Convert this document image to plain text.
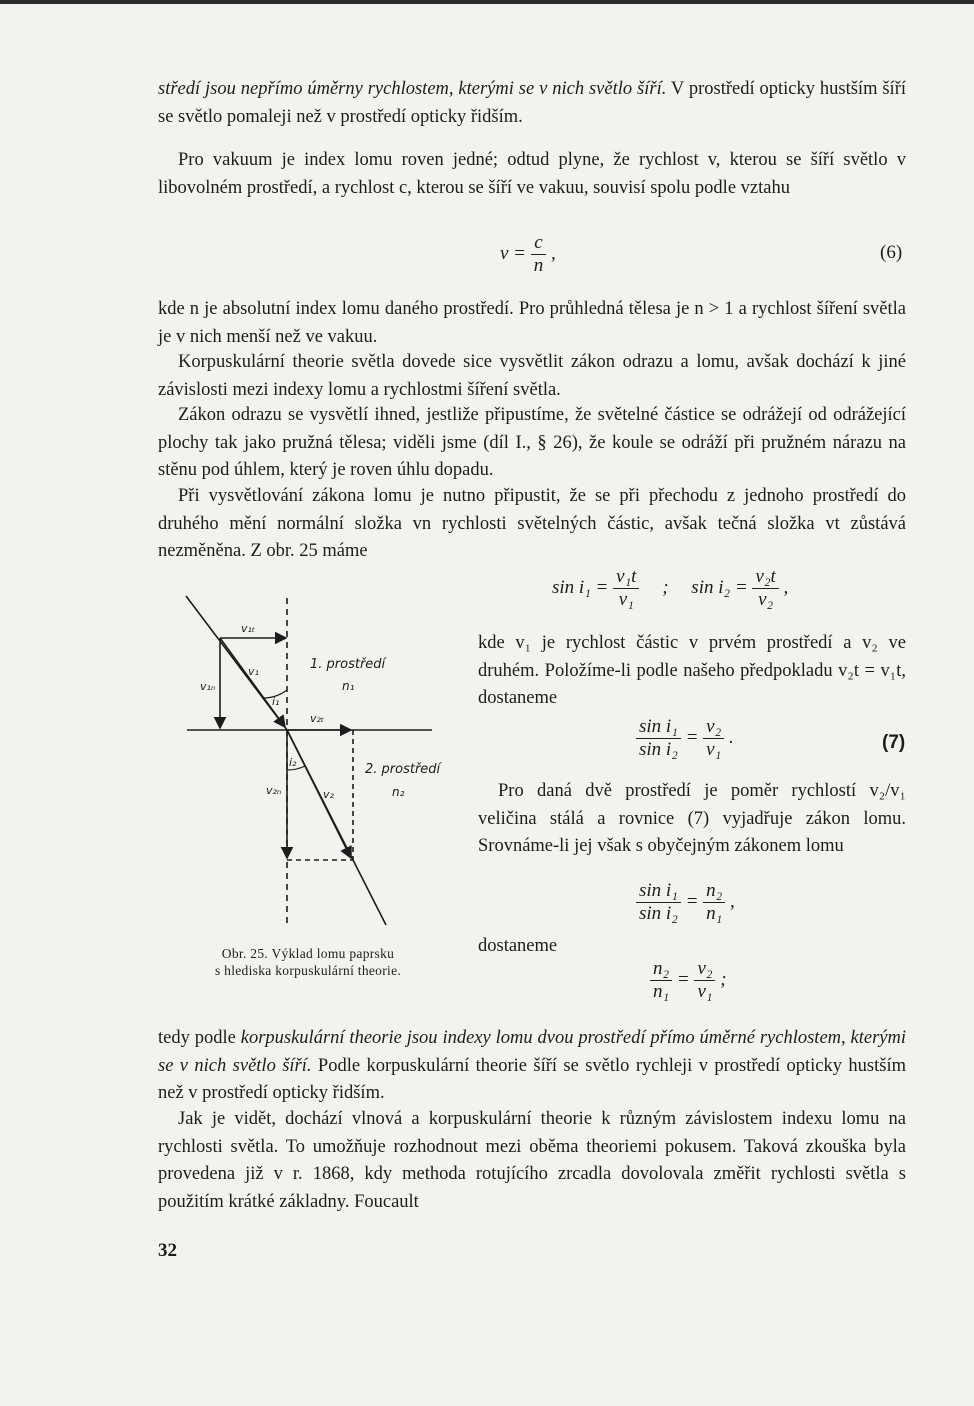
středí jsou nepřímo úměrny rychlostem, kterými se v nich světlo šíří. V prostředí opticky hustším šíří se světlo pomaleji než v prostředí opticky řidším.

Pro vakuum je index lomu roven jedné; odtud plyne, že rychlost v, kterou se šíří světlo v libovolném prostředí, a rychlost c, kterou se šíří ve vakuu, souvisí spolu podle vztahu

$v = \frac{c}{n}$ ,	(6)

kde n je absolutní index lomu daného prostředí. Pro průhledná tělesa je n > 1 a rychlost šíření světla je v nich menší než ve vakuu.

Korpuskulární theorie světla dovede sice vysvětlit zákon odrazu a lomu, avšak dochází k jiné závislosti mezi indexy lomu a rychlostmi šíření světla.

Zákon odrazu se vysvětlí ihned, jestliže připustíme, že světelné částice se odrážejí od odrážející plochy tak jako pružná tělesa; viděli jsme (díl I., § 26), že koule se odráží při pružném nárazu na stěnu pod úhlem, který je roven úhlu dopadu.

Při vysvětlování zákona lomu je nutno připustit, že se při přechodu z jednoho prostředí do druhého mění normální složka vn rychlosti světelných částic, avšak tečná složka vt zůstává nezměněna. Z obr. 25 máme

$\sin i_1 = \frac{\text{v₁t}}{\text{v₁}}$ ; $\sin i_2 = \frac{\text{v₂t}}{\text{v₂}}$ ,

kde v₁ je rychlost částic v prvém prostředí a v₂ ve druhém. Položíme-li podle našeho předpokladu v₂t = v₁t, dostaneme

$\frac{\text{sin i₁}}{\text{sin i₂}} = \frac{\text{v₂}}{\text{v₁}}$ .	(7)

Pro daná dvě prostředí je poměr rychlostí v₂/v₁ veličina stálá a rovnice (7) vyjadřuje zákon lomu. Srovnáme-li jej však s obyčejným zákonem lomu

$\frac{\text{sin i₁}}{\text{sin i₂}} = \frac{\text{n₂}}{\text{n₁}}$ ,
dostaneme
$\frac{\text{n₂}}{\text{n₁}} = \frac{\text{v₂}}{\text{v₁}}$ ;
v₁ₜ
v₁
v₁ₙ
i₁
v₂ₜ
i₂
v₂ₙ	v₂
1. prostředí
n₁
2. prostředí
n₂
Obr. 25. Výklad lomu paprsku
s hlediska korpuskulární theorie.

tedy podle korpuskulární theorie jsou indexy lomu dvou prostředí přímo úměrné rychlostem, kterými se v nich světlo šíří. Podle korpuskulární theorie šíří se světlo rychleji v prostředí opticky hustším než v prostředí opticky řidším.

Jak je vidět, dochází vlnová a korpuskulární theorie k různým závislostem indexu lomu na rychlosti světla. To umožňuje rozhodnout mezi oběma theoriemi pokusem. Taková zkouška byla provedena již v r. 1868, kdy methoda rotujícího zrcadla dovolovala změřit rychlosti světla s použitím krátké základny. Foucault

32
